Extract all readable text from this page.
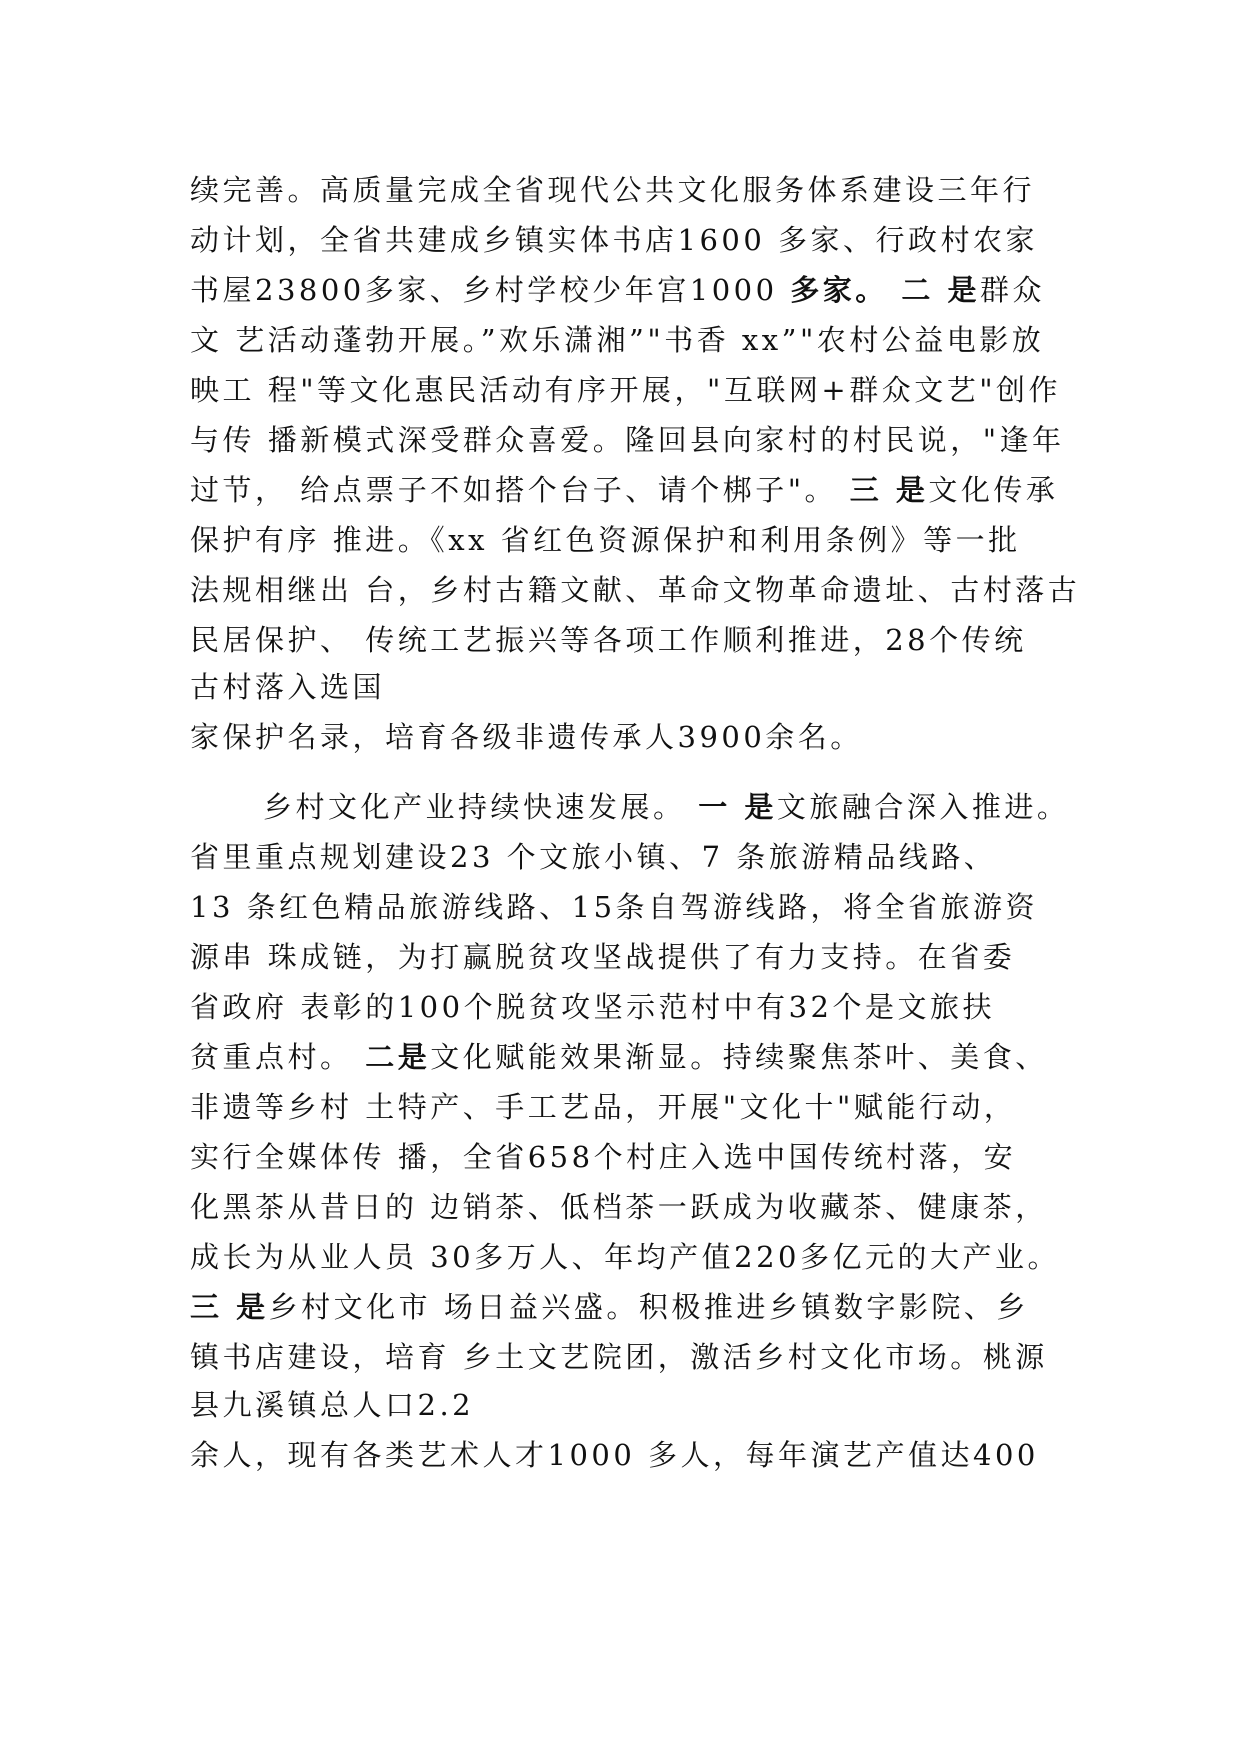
续完善。高质量完成全省现代公共文化服务体系建设三年行
动计划，全省共建成乡镇实体书店1600 多家、行政村农家
书屋23800多家、乡村学校少年宫1000 多家。 二 是群众
文 艺活动蓬勃开展。”欢乐潇湘”"书香 xx”"农村公益电影放
映工 程"等文化惠民活动有序开展，"互联网+群众文艺"创作
与传 播新模式深受群众喜爱。隆回县向家村的村民说，"逢年
过节， 给点票子不如搭个台子、请个梆子"。 三 是文化传承
保护有序 推进。《xx 省红色资源保护和利用条例》等一批
法规相继出 台，乡村古籍文献、革命文物革命遗址、古村落古
民居保护、 传统工艺振兴等各项工作顺利推进，28个传统
古村落入选国
家保护名录，培育各级非遗传承人3900余名。
乡村文化产业持续快速发展。 一 是文旅融合深入推进。
省里重点规划建设23 个文旅小镇、7 条旅游精品线路、
13 条红色精品旅游线路、15条自驾游线路，将全省旅游资
源串 珠成链，为打赢脱贫攻坚战提供了有力支持。在省委
省政府 表彰的100个脱贫攻坚示范村中有32个是文旅扶
贫重点村。 二是文化赋能效果渐显。持续聚焦茶叶、美食、
非遗等乡村 土特产、手工艺品，开展"文化十"赋能行动，
实行全媒体传 播，全省658个村庄入选中国传统村落，安
化黑茶从昔日的 边销茶、低档茶一跃成为收藏茶、健康茶，
成长为从业人员 30多万人、年均产值220多亿元的大产业。
三 是乡村文化市 场日益兴盛。积极推进乡镇数字影院、乡
镇书店建设，培育 乡土文艺院团，激活乡村文化市场。桃源
县九溪镇总人口2.2
余人，现有各类艺术人才1000 多人，每年演艺产值达400
